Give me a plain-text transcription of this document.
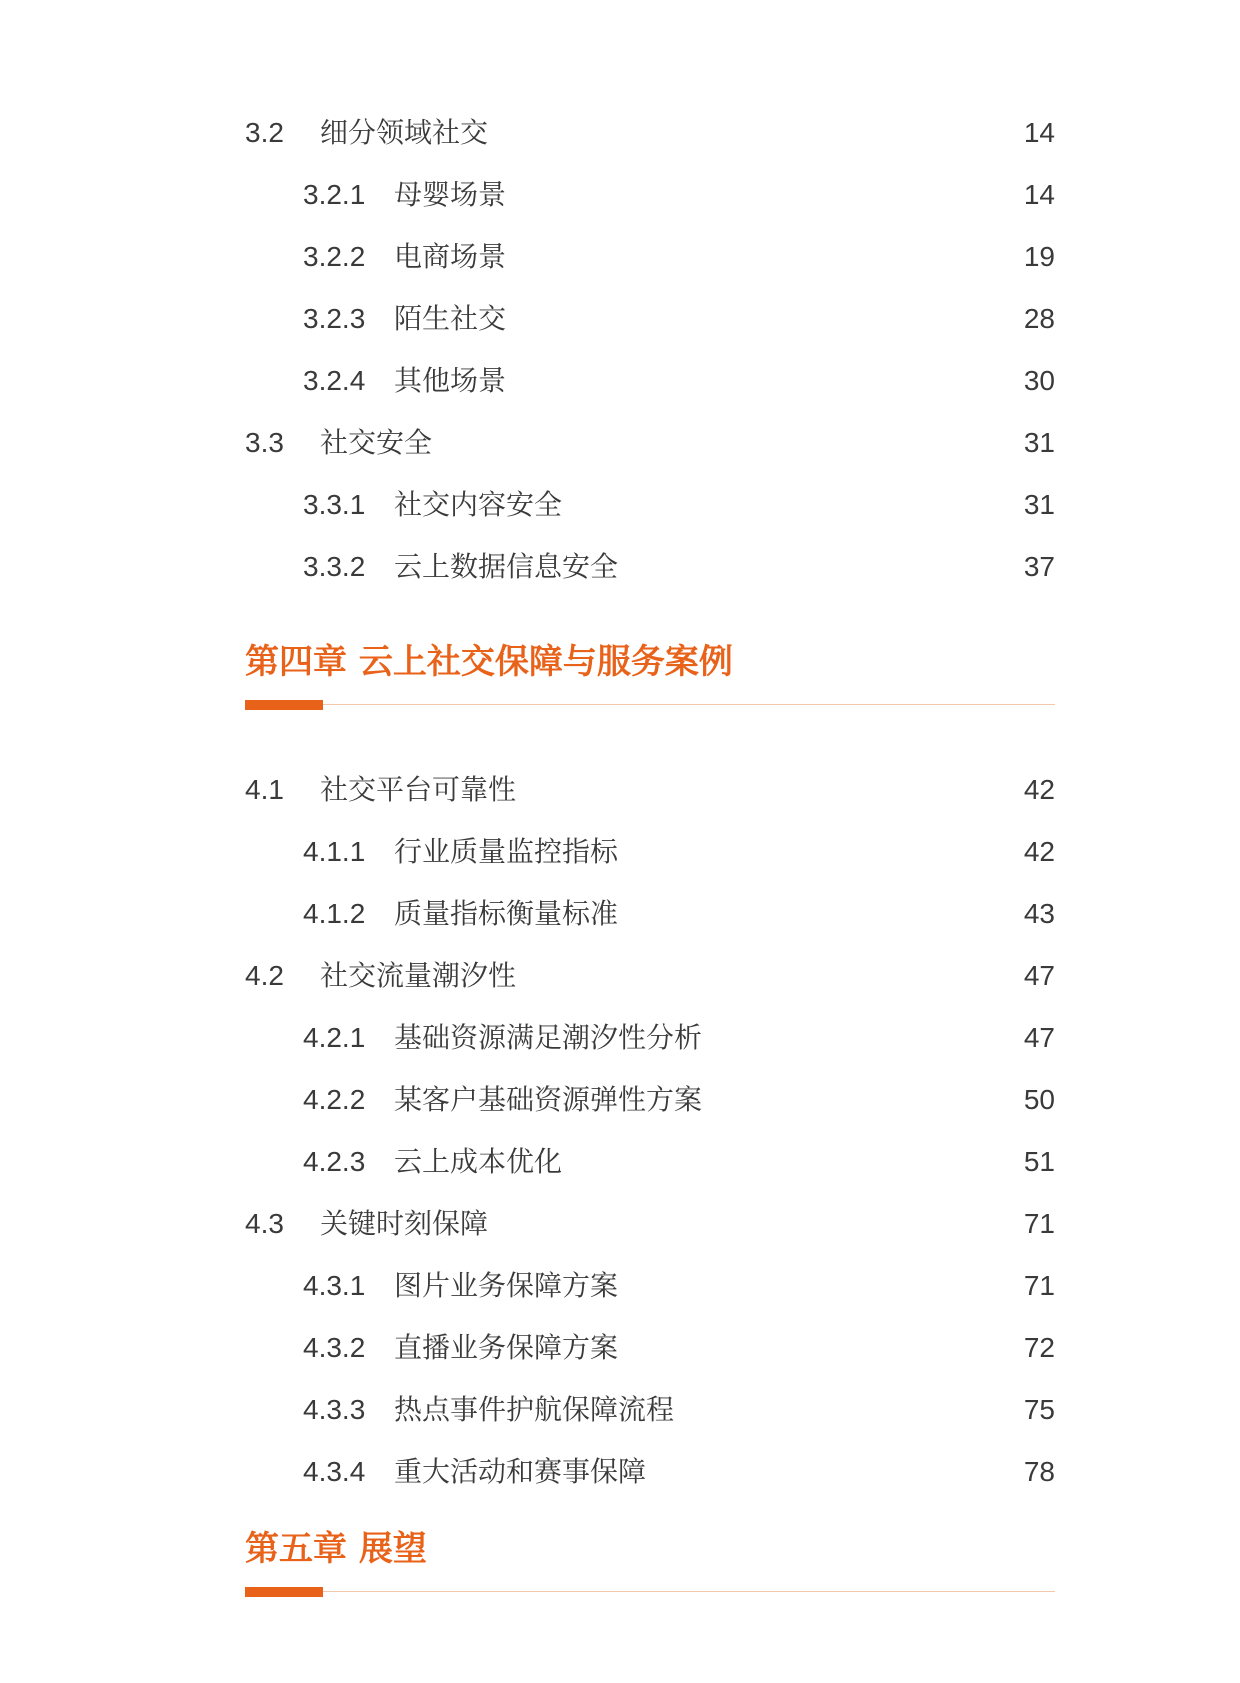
3.2 细分领域社交	14
3.2.1 母婴场景	14
3.2.2 电商场景	19
3.2.3 陌生社交	28
3.2.4 其他场景	30
3.3 社交安全	31
3.3.1 社交内容安全	31
3.3.2 云上数据信息安全	37
第四章 云上社交保障与服务案例
4.1 社交平台可靠性	42
4.1.1 行业质量监控指标	42
4.1.2 质量指标衡量标准	43
4.2 社交流量潮汐性	47
4.2.1 基础资源满足潮汐性分析	47
4.2.2 某客户基础资源弹性方案	50
4.2.3 云上成本优化	51
4.3 关键时刻保障	71
4.3.1 图片业务保障方案	71
4.3.2 直播业务保障方案	72
4.3.3 热点事件护航保障流程	75
4.3.4 重大活动和赛事保障	78
第五章 展望
